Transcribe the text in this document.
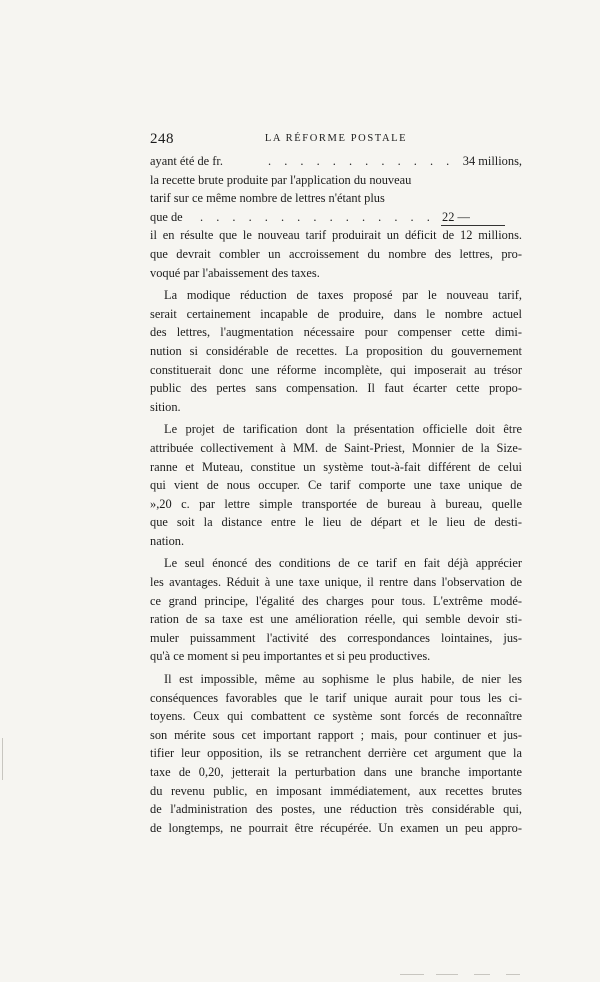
248	LA RÉFORME POSTALE
ayant été de fr.	. . . . . . . . . . . . 34 millions,
la recette brute produite par l'application du nouveau
tarif sur ce même nombre de lettres n'étant plus
que de . . . . . . . . . . . . . . . 22 —
il en résulte que le nouveau tarif produirait un déficit de 12 millions.
que devrait combler un accroissement du nombre des lettres, pro-
voqué par l'abaissement des taxes.
La modique réduction de taxes proposé par le nouveau tarif,
serait certainement incapable de produire, dans le nombre actuel
des lettres, l'augmentation nécessaire pour compenser cette dimi-
nution si considérable de recettes. La proposition du gouvernement
constituerait donc une réforme incomplète, qui imposerait au trésor
public des pertes sans compensation. Il faut écarter cette propo-
sition.
Le projet de tarification dont la présentation officielle doit être
attribuée collectivement à MM. de Saint-Priest, Monnier de la Size-
ranne et Muteau, constitue un système tout-à-fait différent de celui
qui vient de nous occuper. Ce tarif comporte une taxe unique de
»,20 c. par lettre simple transportée de bureau à bureau, quelle
que soit la distance entre le lieu de départ et le lieu de desti-
nation.
Le seul énoncé des conditions de ce tarif en fait déjà apprécier
les avantages. Réduit à une taxe unique, il rentre dans l'observation de
ce grand principe, l'égalité des charges pour tous. L'extrême modé-
ration de sa taxe est une amélioration réelle, qui semble devoir sti-
muler puissamment l'activité des correspondances lointaines, jus-
qu'à ce moment si peu importantes et si peu productives.
Il est impossible, même au sophisme le plus habile, de nier les
conséquences favorables que le tarif unique aurait pour tous les ci-
toyens. Ceux qui combattent ce système sont forcés de reconnaître
son mérite sous cet important rapport ; mais, pour continuer et jus-
tifier leur opposition, ils se retranchent derrière cet argument que la
taxe de 0,20, jetterait la perturbation dans une branche importante
du revenu public, en imposant immédiatement, aux recettes brutes
de l'administration des postes, une réduction très considérable qui,
de longtemps, ne pourrait être récupérée. Un examen un peu appro-
